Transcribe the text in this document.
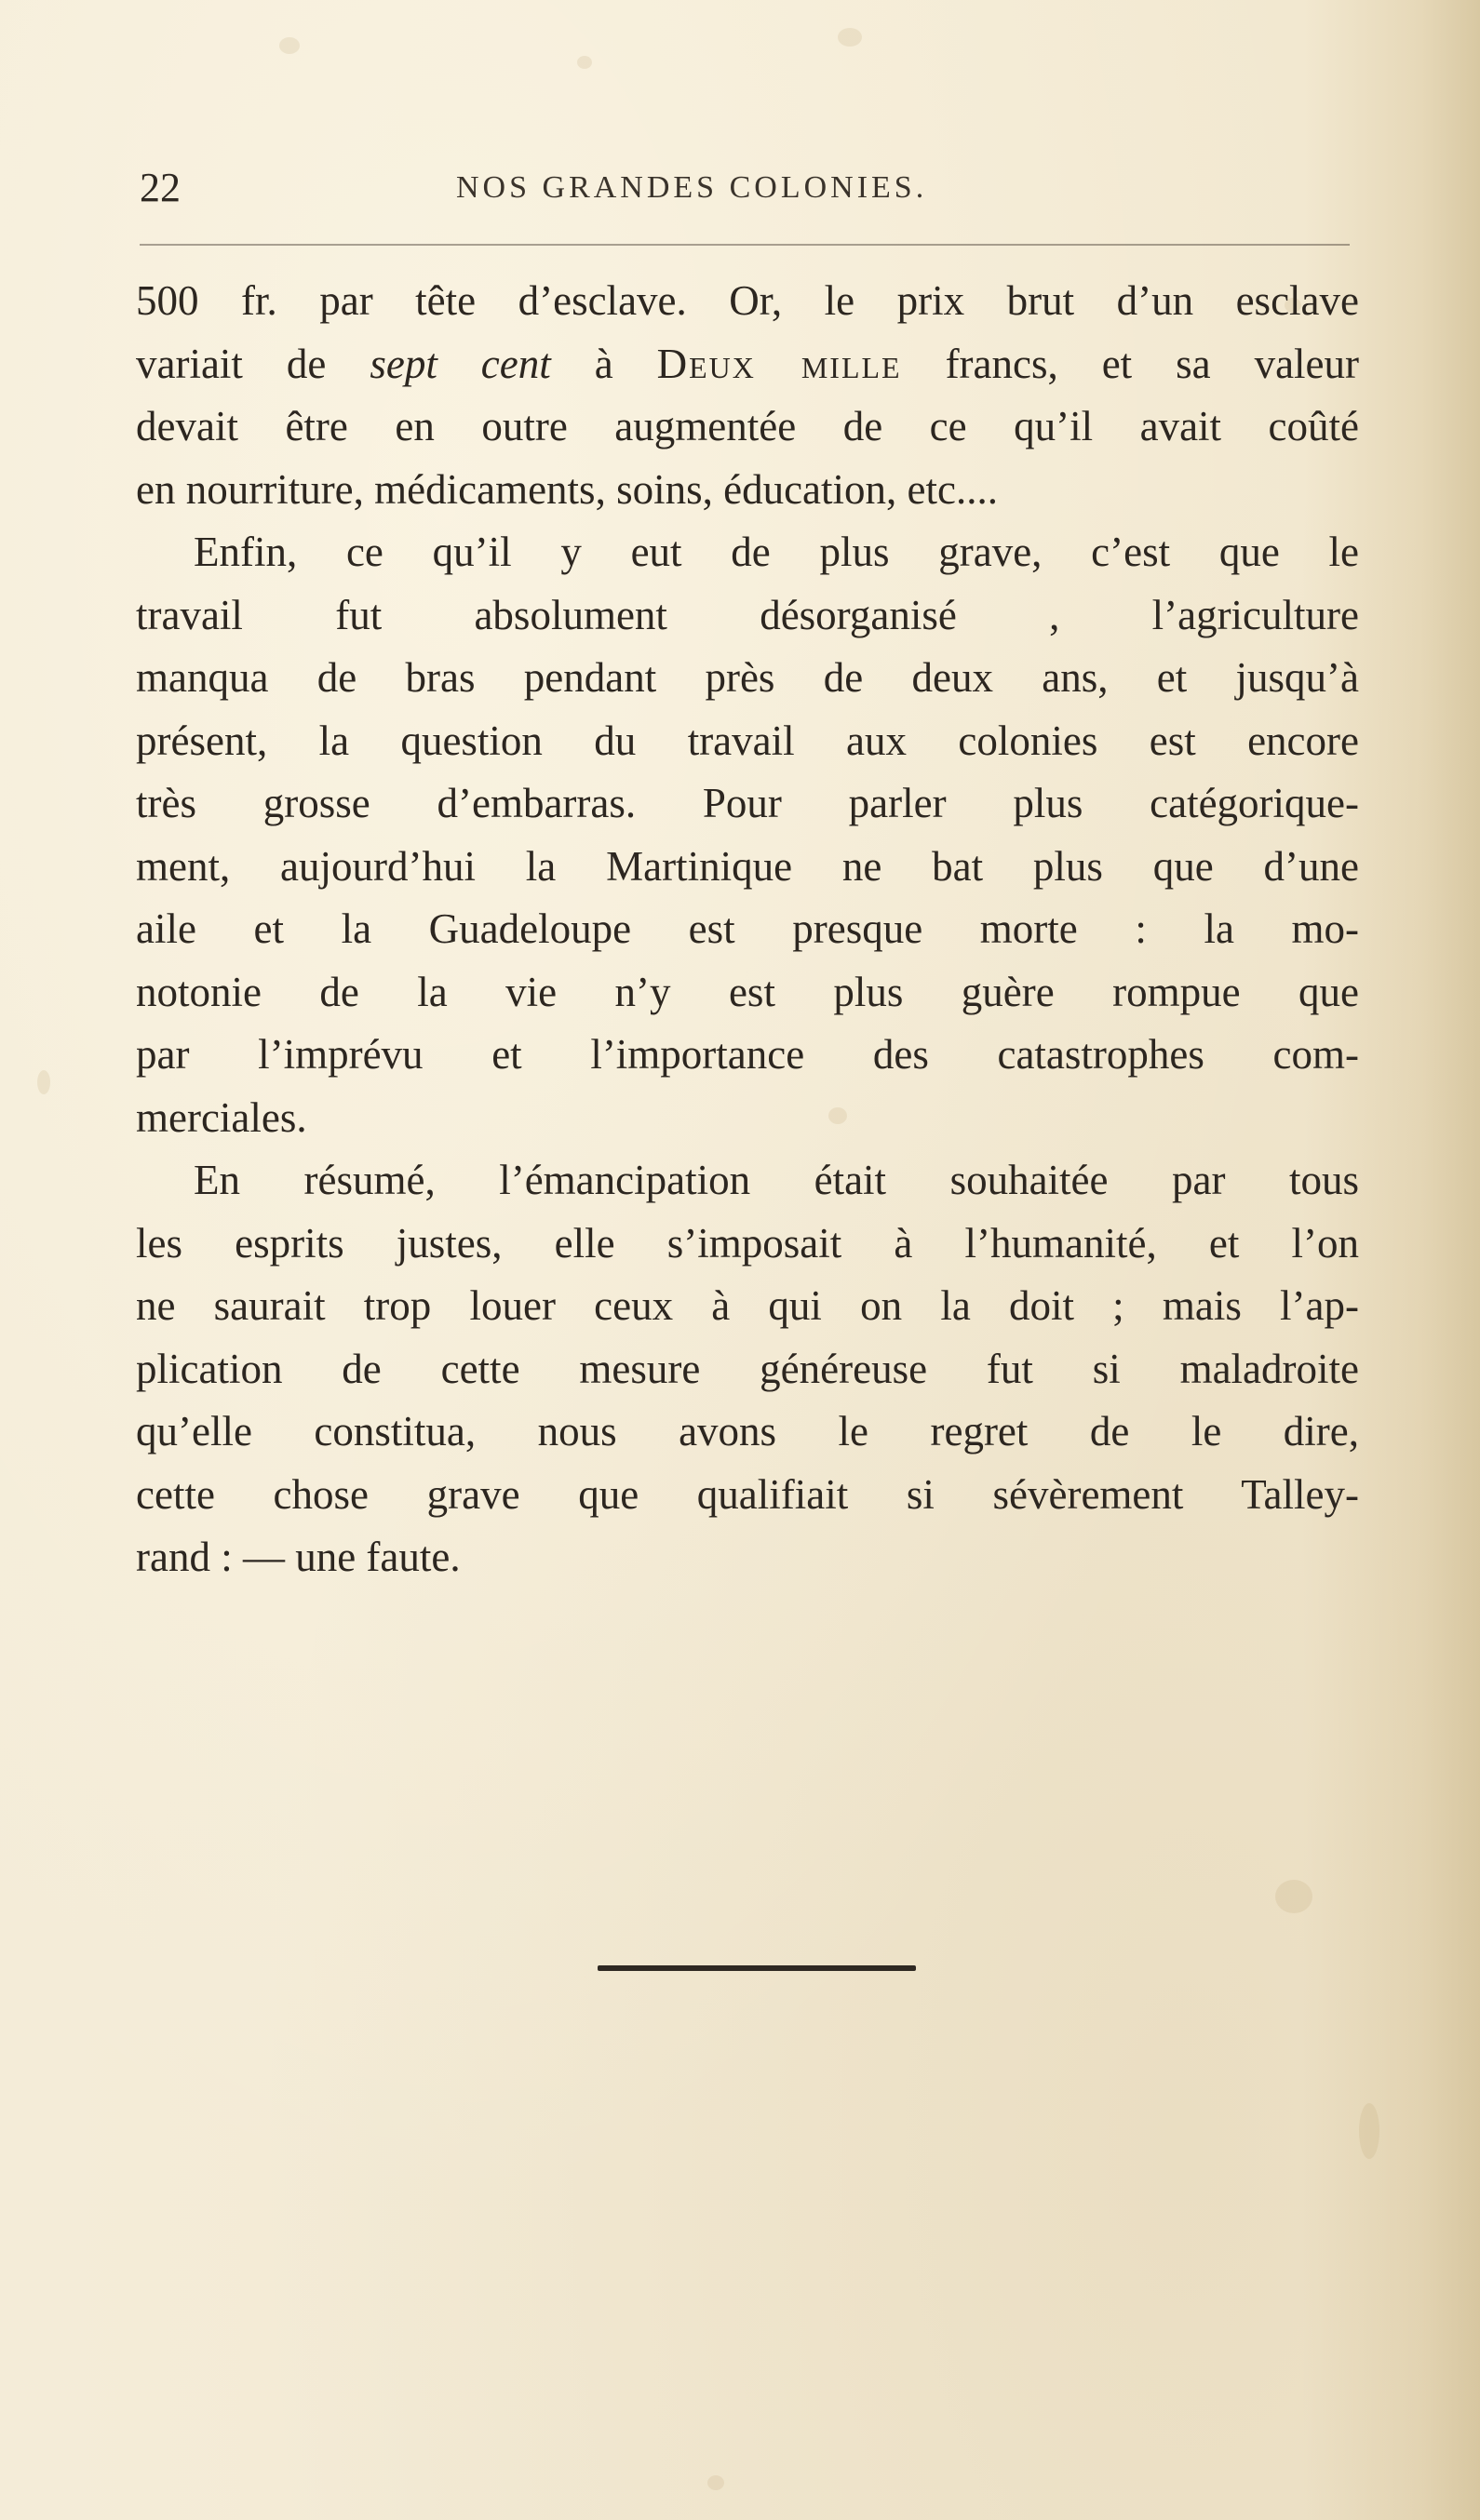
22	NOS GRANDES COLONIES.
500 fr. par tête d’esclave. Or, le prix brut d’un esclave
variait de sept cent à Deux mille francs, et sa valeur
devait être en outre augmentée de ce qu’il avait coûté
en nourriture, médicaments, soins, éducation, etc....
Enfin, ce qu’il y eut de plus grave, c’est que le
travail fut absolument désorganisé , l’agriculture
manqua de bras pendant près de deux ans, et jusqu’à
présent, la question du travail aux colonies est encore
très grosse d’embarras. Pour parler plus catégorique-
ment, aujourd’hui la Martinique ne bat plus que d’une
aile et la Guadeloupe est presque morte : la mo-
notonie de la vie n’y est plus guère rompue que
par l’imprévu et l’importance des catastrophes com-
merciales.
En résumé, l’émancipation était souhaitée par tous
les esprits justes, elle s’imposait à l’humanité, et l’on
ne saurait trop louer ceux à qui on la doit ; mais l’ap-
plication de cette mesure généreuse fut si maladroite
qu’elle constitua, nous avons le regret de le dire,
cette chose grave que qualifiait si sévèrement Talley-
rand : — une faute.
